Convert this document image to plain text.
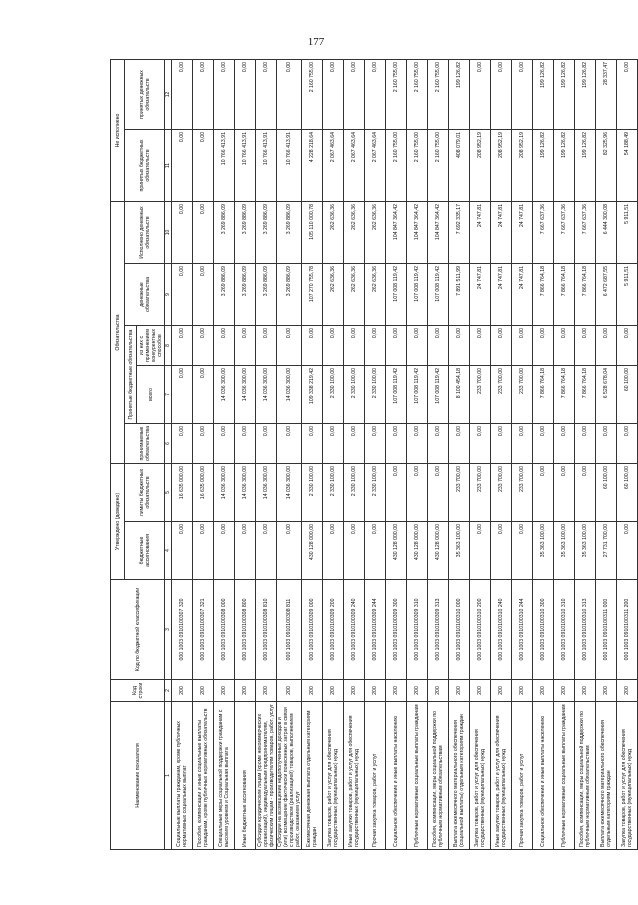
177
Наименование показателя	Код строки	Код по бюджетной классификации	Утверждено (доведено)		Обязательства					Не исполнено	
			бюджетные ассигнования	лимиты бюджетных обязательств	принимаемые обязательства	Принятые бюджетные обязательства		денежные обязательства	Исполнено денежных обязательств	принятых бюджетных обязательств	принятых денежных обязательств
						всего	из них с применением конкурентных способов				
1	2	3	4	5	6	7	8	9	10	11	12
Социальные выплаты гражданам, кроме публичных нормативных социальных выплат	200	000 1003 0910100307 320	0,00	16 635 000,00	0,00	0,00	0,00	0,00	0,00	0,00	0,00
Пособия, компенсации и иные социальные выплаты гражданам, кроме публичных нормативных обязательств	200	000 1003 0910100307 321	0,00	16 635 000,00	0,00	0,00	0,00	0,00	0,00	0,00	0,00
Специальные меры социальной поддержки гражданам с высоким уровнем и Социальная выплата	200	000 1003 0910100308 000	0,00	14 036 300,00	0,00	14 036 300,00	0,00	3 269 886,09	3 269 886,09	10 766 413,91	0,00
Иные бюджетные ассигнования	200	000 1003 0910100308 800	0,00	14 036 300,00	0,00	14 036 300,00	0,00	3 269 886,09	3 269 886,09	10 766 413,91	0,00
Субсидии юридическим лицам (кроме некоммерческих организаций), индивидуальным предпринимателям, физическим лицам - производителям товаров, работ, услуг	200	000 1003 0910100308 810	0,00	14 036 300,00	0,00	14 036 300,00	0,00	3 269 886,09	3 269 886,09	10 766 413,91	0,00
Субсидии на возмещение недополученных доходов и (или) возмещение фактически понесенных затрат в связи с производством (реализацией) товаров, выполнением работ, оказанием услуг	200	000 1003 0910100308 811	0,00	14 036 300,00	0,00	14 036 300,00	0,00	3 269 886,09	3 269 886,09	10 766 413,91	0,00
Ежемесячная денежная выплата отдельным категориям граждан	200	000 1003 0910100309 000	430 128 000,00	2 330 100,00	0,00	109 338 219,42	0,00	107 270 755,78	105 110 000,78	4 228 218,64	2 160 755,00
Закупка товаров, работ и услуг для обеспечения государственных (муниципальных) нужд	200	000 1003 0910100309 200	0,00	2 330 100,00	0,00	2 330 100,00	0,00	262 636,36	262 636,36	2 067 463,64	0,00
Иные закупки товаров, работ и услуг для обеспечения государственных (муниципальных) нужд	200	000 1003 0910100309 240	0,00	2 330 100,00	0,00	2 330 100,00	0,00	262 636,36	262 636,36	2 067 463,64	0,00
Прочая закупка товаров, работ и услуг	200	000 1003 0910100309 244	0,00	2 330 100,00	0,00	2 330 100,00	0,00	262 636,36	262 636,36	2 067 463,64	0,00
Социальное обеспечение и иные выплаты населению	200	000 1003 0910100309 300	430 128 000,00	0,00	0,00	107 008 119,42	0,00	107 008 119,42	104 847 364,42	2 160 755,00	2 160 755,00
Публичные нормативные социальные выплаты гражданам	200	000 1003 0910100309 310	430 128 000,00	0,00	0,00	107 008 119,42	0,00	107 008 119,42	104 847 364,42	2 160 755,00	2 160 755,00
Пособия, компенсации, меры социальной поддержки по публичным нормативным обязательствам	200	000 1003 0910100309 313	430 128 000,00	0,00	0,00	107 008 119,42	0,00	107 008 119,42	104 847 364,42	2 160 755,00	2 160 755,00
Выплата ежемесячного материального обеспечения (социальной выплаты) отдельным категориям граждан	200	000 1003 0910100310 000	35 363 100,00	233 700,00	0,00	8 100 454,18	0,00	7 891 511,99	7 692 335,17	408 079,01	199 126,82
Закупка товаров, работ и услуг для обеспечения государственных (муниципальных) нужд	200	000 1003 0910100310 200	0,00	233 700,00	0,00	233 700,00	0,00	24 747,81	24 747,81	208 952,19	0,00
Иные закупки товаров, работ и услуг для обеспечения государственных (муниципальных) нужд	200	000 1003 0910100310 240	0,00	233 700,00	0,00	233 700,00	0,00	24 747,81	24 747,81	208 952,19	0,00
Прочая закупка товаров, работ и услуг	200	000 1003 0910100310 244	0,00	233 700,00	0,00	233 700,00	0,00	24 747,81	24 747,81	208 952,19	0,00
Социальное обеспечение и иные выплаты населению	200	000 1003 0910100310 300	35 363 100,00	0,00	0,00	7 866 764,18	0,00	7 866 764,18	7 667 637,36	199 126,82	199 126,82
Публичные нормативные социальные выплаты гражданам	200	000 1003 0910100310 310	35 363 100,00	0,00	0,00	7 866 764,18	0,00	7 866 764,18	7 667 637,36	199 126,82	199 126,82
Пособия, компенсации, меры социальной поддержки по публичным нормативным обязательствам	200	000 1003 0910100310 313	35 363 100,00	0,00	0,00	7 866 764,18	0,00	7 866 764,18	7 667 637,36	199 126,82	199 126,82
Выплата ежемесячного материального обеспечения отдельным категориям граждан	200	000 1003 0910100311 000	27 731 700,00	60 100,00	0,00	6 528 678,04	0,00	6 472 687,55	6 444 300,08	82 325,96	28 337,47
Закупка товаров, работ и услуг для обеспечения государственных (муниципальных) нужд	200	000 1003 0910100311 200	0,00	60 100,00	0,00	60 100,00	0,00	5 911,51	5 911,51	54 188,49	0,00
